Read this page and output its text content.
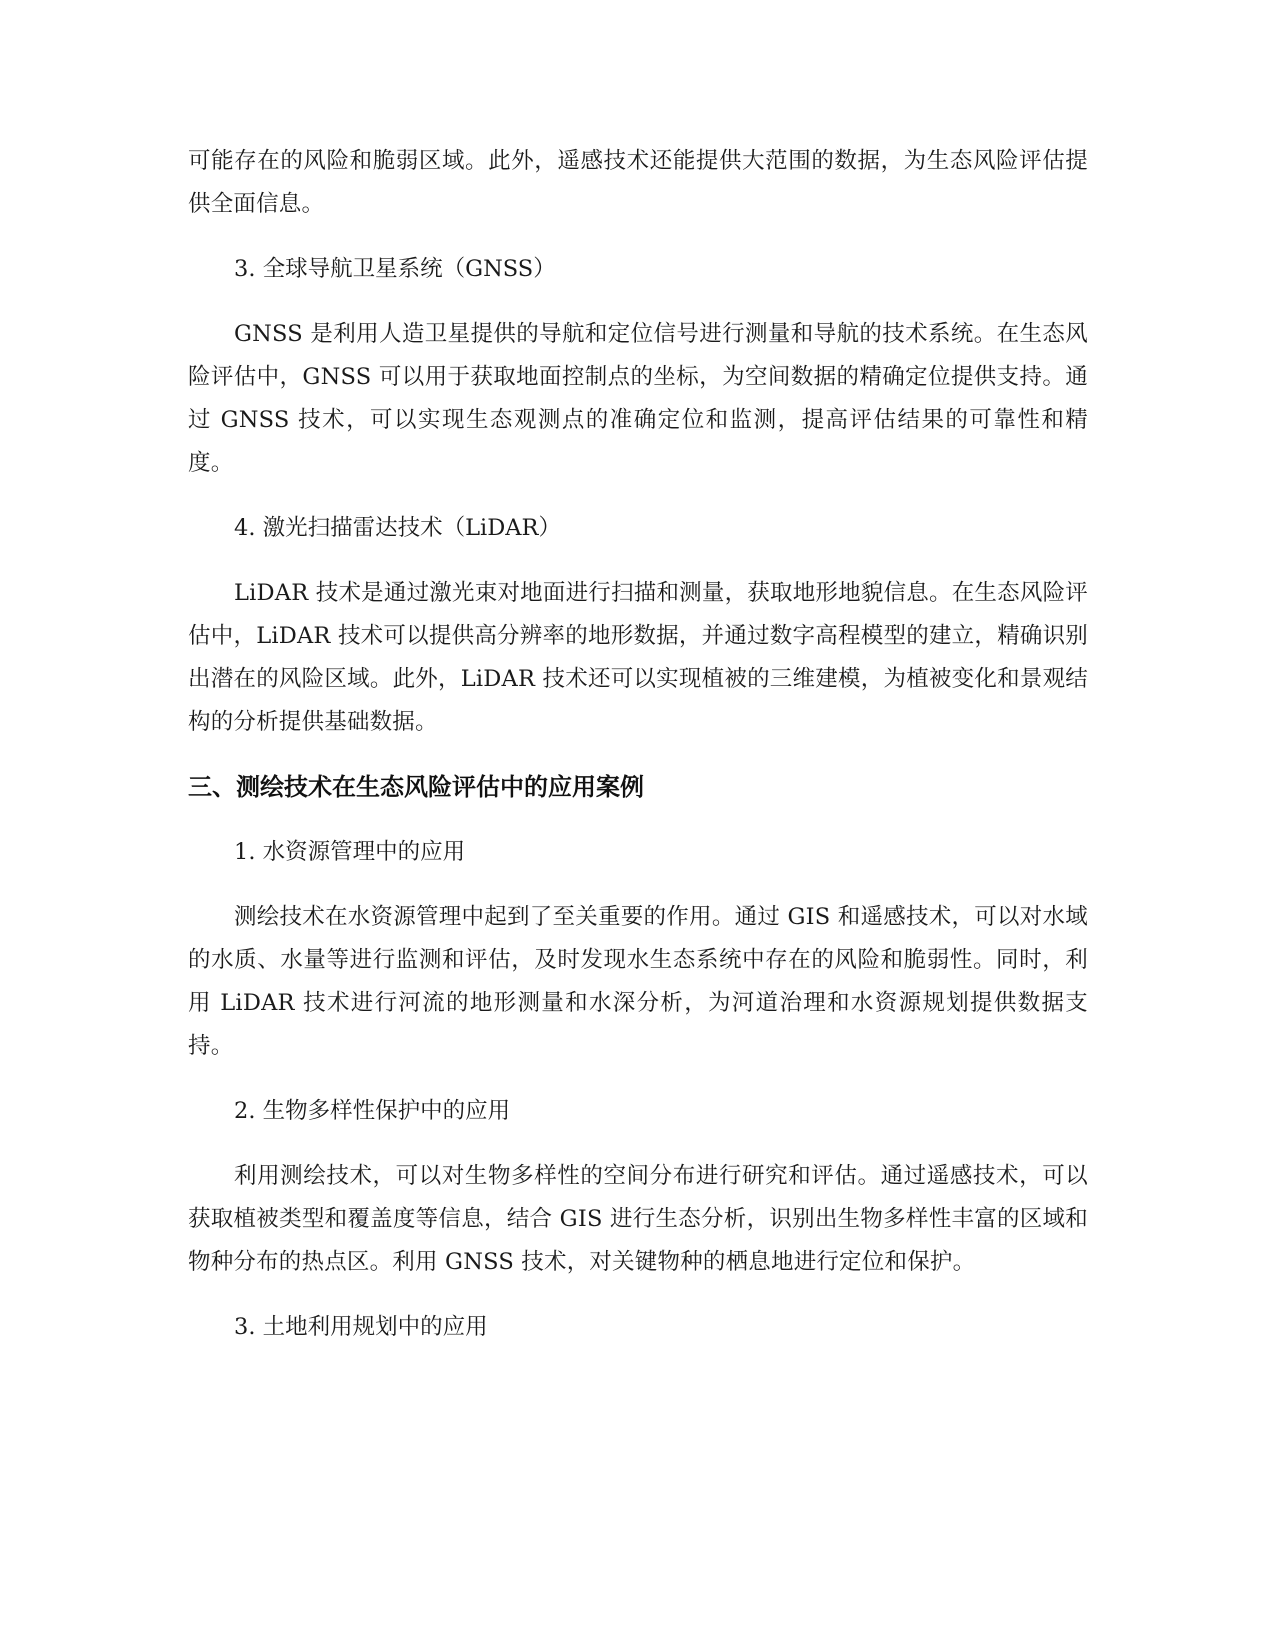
可能存在的风险和脆弱区域。此外，遥感技术还能提供大范围的数据，为生态风险评估提供全面信息。

3. 全球导航卫星系统（GNSS）

GNSS 是利用人造卫星提供的导航和定位信号进行测量和导航的技术系统。在生态风险评估中，GNSS 可以用于获取地面控制点的坐标，为空间数据的精确定位提供支持。通过 GNSS 技术，可以实现生态观测点的准确定位和监测，提高评估结果的可靠性和精度。

4. 激光扫描雷达技术（LiDAR）

LiDAR 技术是通过激光束对地面进行扫描和测量，获取地形地貌信息。在生态风险评估中，LiDAR 技术可以提供高分辨率的地形数据，并通过数字高程模型的建立，精确识别出潜在的风险区域。此外，LiDAR 技术还可以实现植被的三维建模，为植被变化和景观结构的分析提供基础数据。

三、测绘技术在生态风险评估中的应用案例

1. 水资源管理中的应用

测绘技术在水资源管理中起到了至关重要的作用。通过 GIS 和遥感技术，可以对水域的水质、水量等进行监测和评估，及时发现水生态系统中存在的风险和脆弱性。同时，利用 LiDAR 技术进行河流的地形测量和水深分析，为河道治理和水资源规划提供数据支持。

2. 生物多样性保护中的应用

利用测绘技术，可以对生物多样性的空间分布进行研究和评估。通过遥感技术，可以获取植被类型和覆盖度等信息，结合 GIS 进行生态分析，识别出生物多样性丰富的区域和物种分布的热点区。利用 GNSS 技术，对关键物种的栖息地进行定位和保护。

3. 土地利用规划中的应用
